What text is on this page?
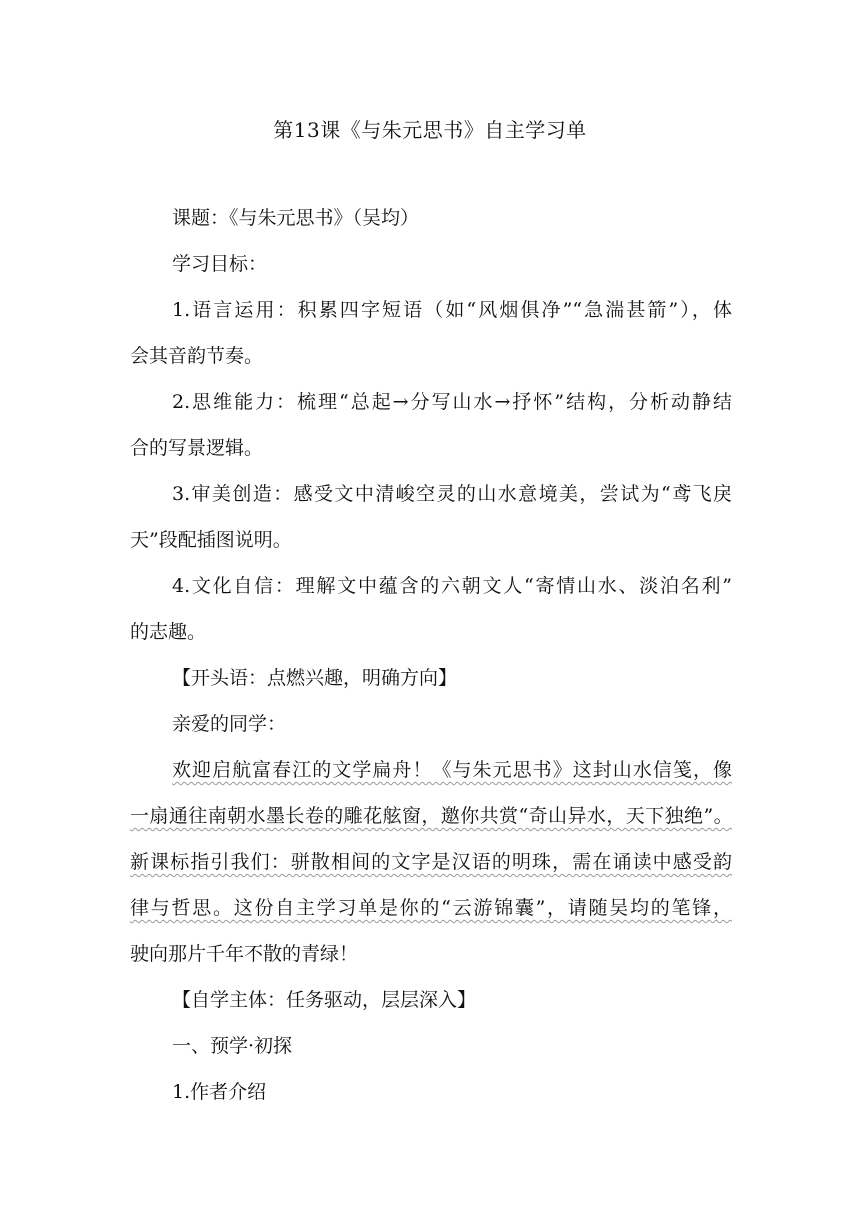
第13课《与朱元思书》自主学习单

课题：《与朱元思书》（吴均）

学习目标：

1.语言运用：积累四字短语（如“风烟俱净”“急湍甚箭”），体

会其音韵节奏。

2.思维能力：梳理“总起→分写山水→抒怀”结构，分析动静结

合的写景逻辑。

3.审美创造：感受文中清峻空灵的山水意境美，尝试为“鸢飞戾

天”段配插图说明。

4.文化自信：理解文中蕴含的六朝文人“寄情山水、淡泊名利”

的志趣。

【开头语：点燃兴趣，明确方向】

亲爱的同学：

欢迎启航富春江的文学扁舟！《与朱元思书》这封山水信笺，像

一扇通往南朝水墨长卷的雕花舷窗，邀你共赏“奇山异水，天下独绝”。

新课标指引我们：骈散相间的文字是汉语的明珠，需在诵读中感受韵

律与哲思。这份自主学习单是你的“云游锦囊”，请随吴均的笔锋，

驶向那片千年不散的青绿！

【自学主体：任务驱动，层层深入】

一、预学·初探

1.作者介绍
